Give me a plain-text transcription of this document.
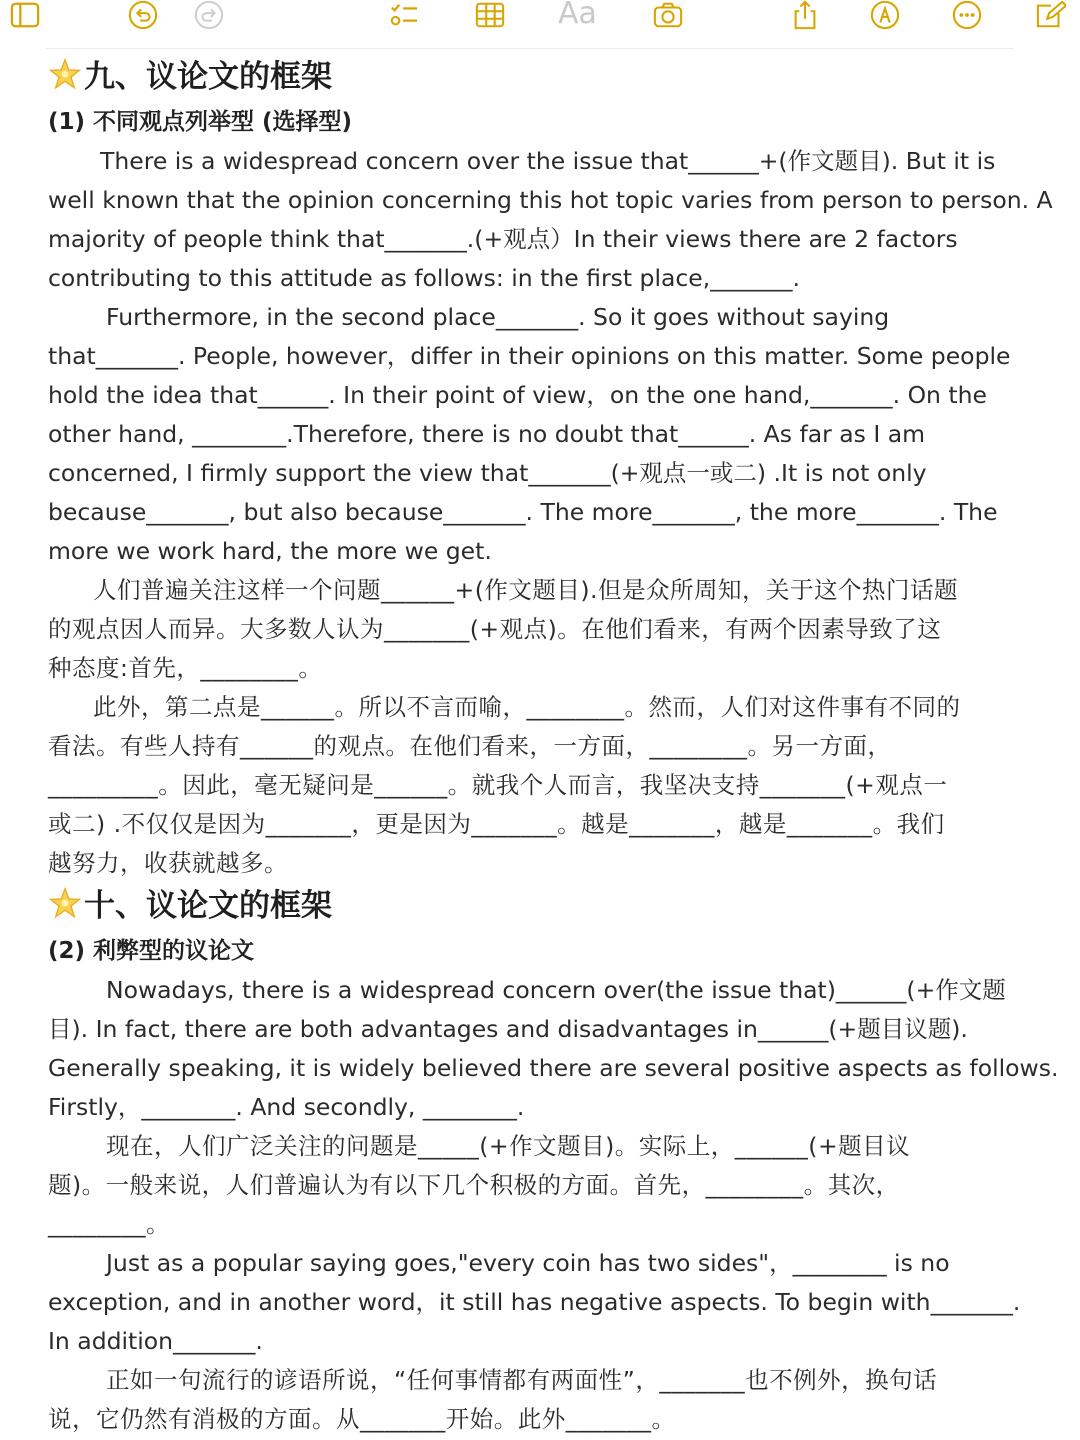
Aa
九、议论文的框架
(1) 不同观点列举型 (选择型)
There is a widespread concern over the issue that______+(作文题目). But it is
well known that the opinion concerning this hot topic varies from person to person. A
majority of people think that_______.(+观点）In their views there are 2 factors
contributing to this attitude as follows: in the first place,_______.
Furthermore, in the second place_______. So it goes without saying
that_______. People, however，differ in their opinions on this matter. Some people
hold the idea that______. In their point of view，on the one hand,_______. On the
other hand, ________.Therefore, there is no doubt that______. As far as I am
concerned, I firmly support the view that_______(+观点一或二) .It is not only
because_______, but also because_______. The more_______, the more_______. The
more we work hard, the more we get.
人们普遍关注这样一个问题______+(作文题目).但是众所周知，关于这个热门话题
的观点因人而异。大多数人认为_______(+观点)。在他们看来，有两个因素导致了这
种态度:首先，________。
此外，第二点是______。所以不言而喻，________。然而，人们对这件事有不同的
看法。有些人持有______的观点。在他们看来，一方面，________。另一方面，
_________。因此，毫无疑问是______。就我个人而言，我坚决支持_______(+观点一
或二) .不仅仅是因为_______，更是因为_______。越是_______，越是_______。我们
越努力，收获就越多。
十、议论文的框架
(2) 利弊型的议论文
Nowadays, there is a widespread concern over(the issue that)______(+作文题
目). In fact, there are both advantages and disadvantages in______(+题目议题).
Generally speaking, it is widely believed there are several positive aspects as follows.
Firstly，________. And secondly, ________.
现在，人们广泛关注的问题是_____(+作文题目)。实际上，______(+题目议
题)。一般来说，人们普遍认为有以下几个积极的方面。首先，________。其次，
________。
Just as a popular saying goes,"every coin has two sides"，________ is no
exception, and in another word，it still has negative aspects. To begin with_______.
In addition_______.
正如一句流行的谚语所说，“任何事情都有两面性”，_______也不例外，换句话
说，它仍然有消极的方面。从_______开始。此外_______。
